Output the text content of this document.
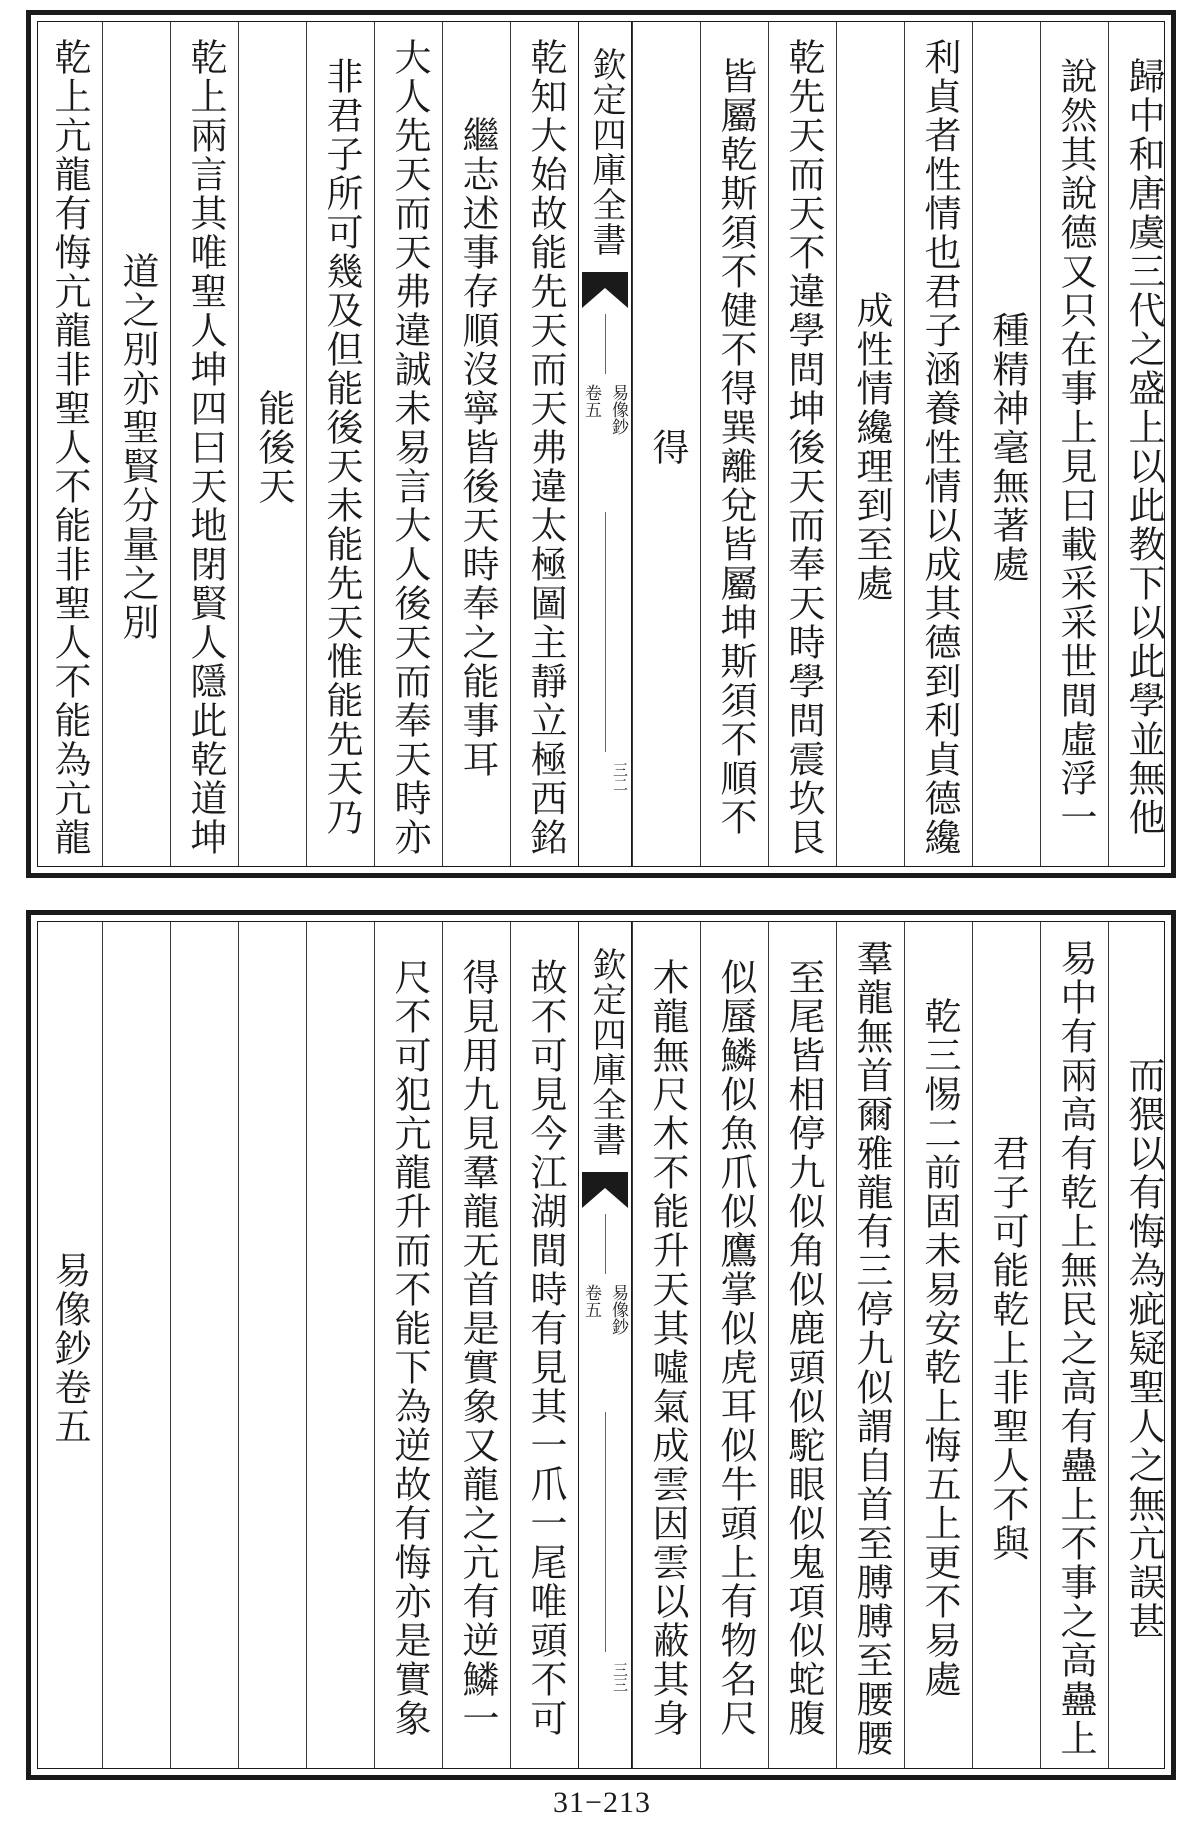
歸中和唐虞三代之盛上以此教下以此學並無他
說然其說德又只在事上見曰載采采世間虛浮一
種精神毫無著處
利貞者性情也君子涵養性情以成其德到利貞德纔
成性情纔理到至處
乾先天而天不違學問坤後天而奉天時學問震坎艮
皆屬乾斯須不健不得巽離兌皆屬坤斯須不順不
得
欽定四庫全書
易像鈔
卷五
三二
乾知大始故能先天而天弗違太極圖主靜立極西銘
繼志述事存順沒寧皆後天時奉之能事耳
大人先天而天弗違誠未易言大人後天而奉天時亦
非君子所可幾及但能後天未能先天惟能先天乃
能後天
乾上兩言其唯聖人坤四曰天地閉賢人隱此乾道坤
道之別亦聖賢分量之別
乾上亢龍有悔亢龍非聖人不能非聖人不能為亢龍
而猥以有悔為疵疑聖人之無亢誤甚
易中有兩高有乾上無民之高有蠱上不事之高蠱上
君子可能乾上非聖人不與
乾三惕二前固未易安乾上悔五上更不易處
羣龍無首爾雅龍有三停九似謂自首至膊膊至腰腰
至尾皆相停九似角似鹿頭似駝眼似鬼項似蛇腹
似蜃鱗似魚爪似鷹掌似虎耳似牛頭上有物名尺
木龍無尺木不能升天其噓氣成雲因雲以蔽其身
欽定四庫全書
易像鈔
卷五
三三
故不可見今江湖間時有見其一爪一尾唯頭不可
得見用九見羣龍无首是實象又龍之亢有逆鱗一
尺不可犯亢龍升而不能下為逆故有悔亦是實象
易像鈔卷五
31−213
